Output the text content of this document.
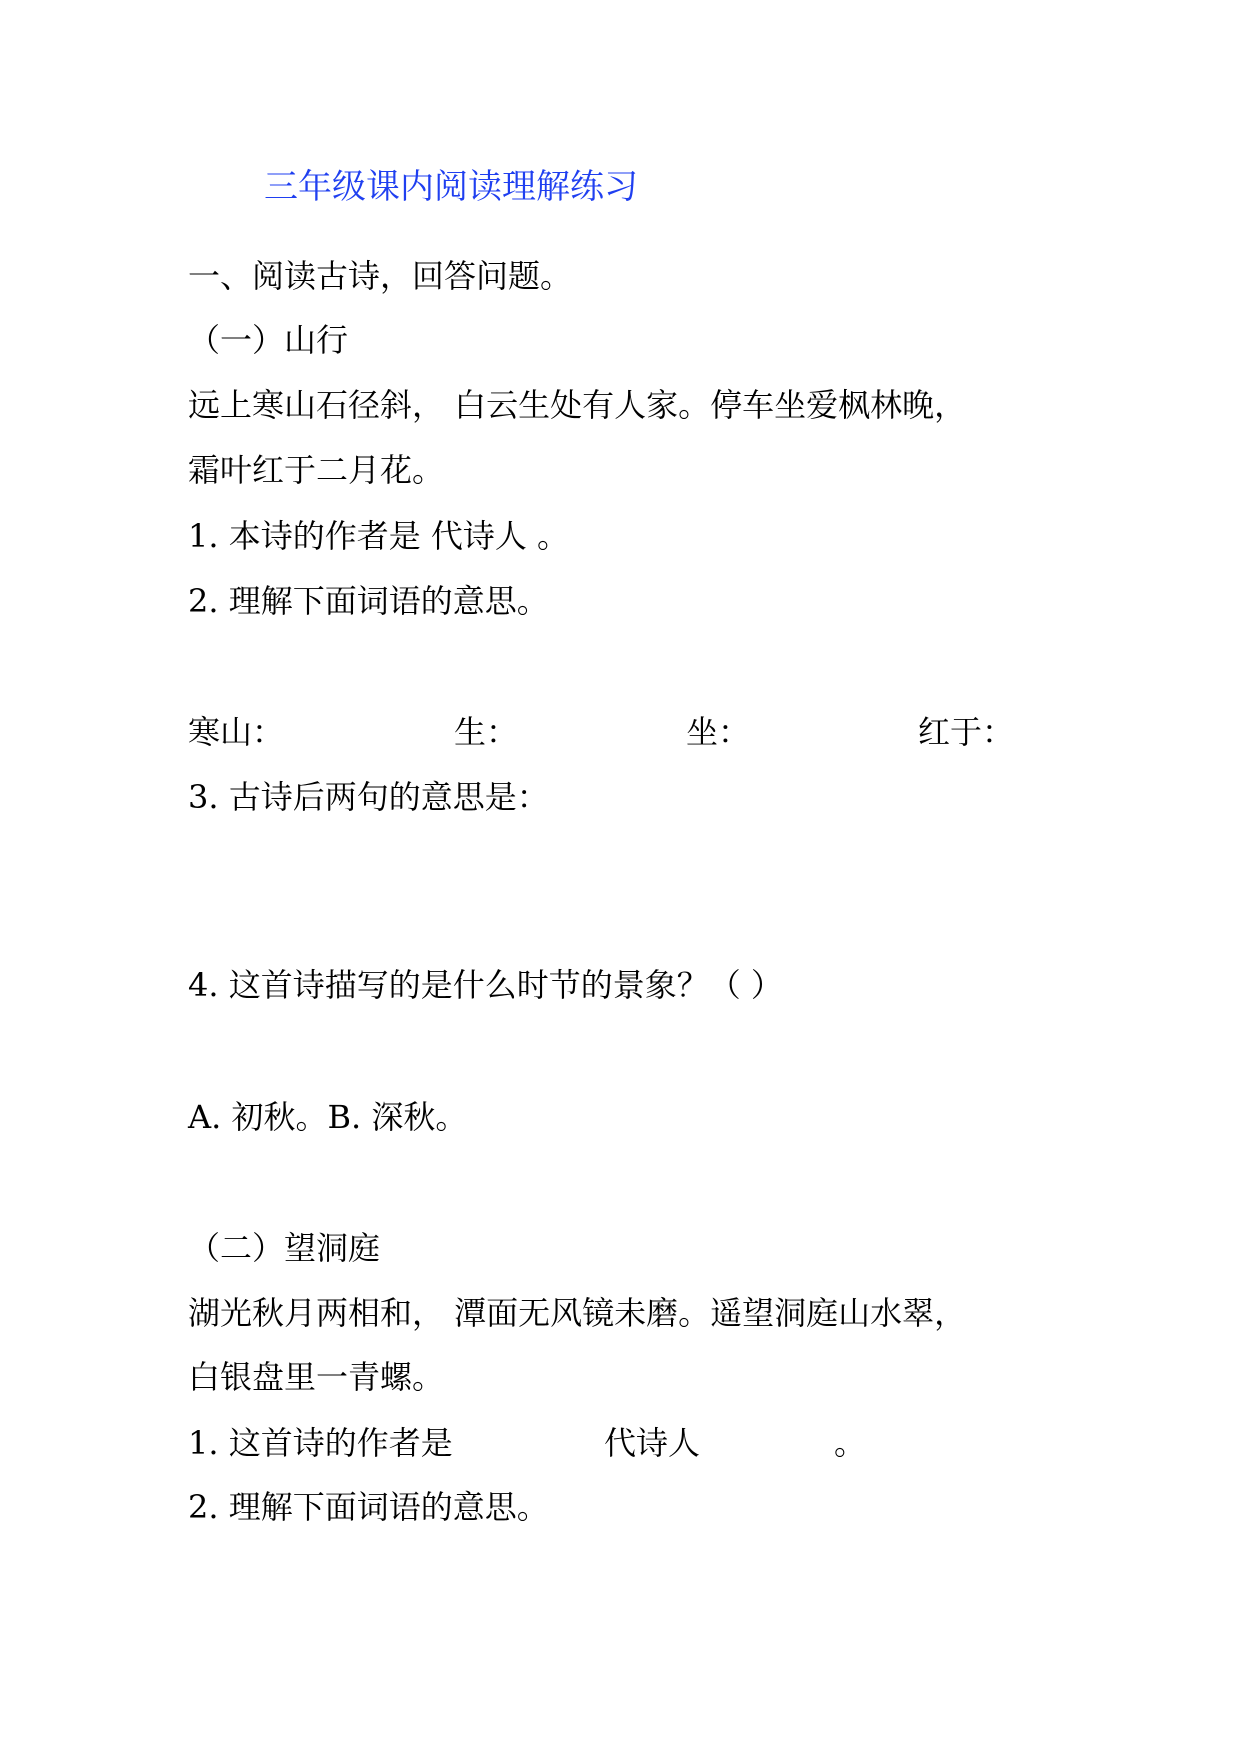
三年级课内阅读理解练习
一、阅读古诗，回答问题。
（一）山行
远上寒山石径斜， 白云生处有人家。停车坐爱枫林晚，
霜叶红于二月花。
1. 本诗的作者是 代诗人 。
2. 理解下面词语的意思。
寒山：	生：	坐：	红于：
3. 古诗后两句的意思是：
4. 这首诗描写的是什么时节的景象？（ ）
A. 初秋。B. 深秋。
（二）望洞庭
湖光秋月两相和， 潭面无风镜未磨。遥望洞庭山水翠，
白银盘里一青螺。
1. 这首诗的作者是	代诗人	。
2. 理解下面词语的意思。
